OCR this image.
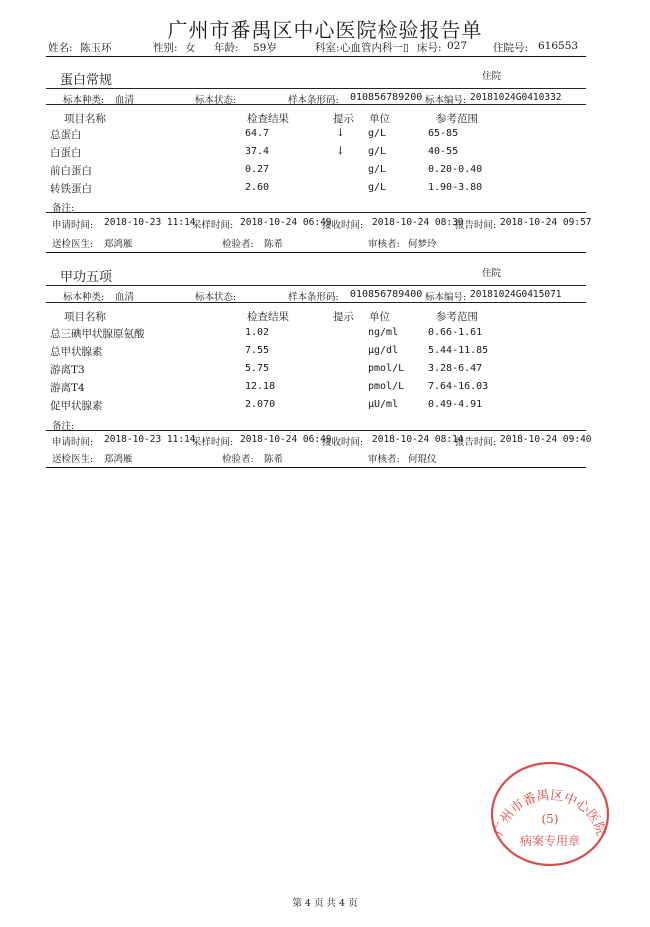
广州市番禺区中心医院检验报告单
姓名: 陈玉环	性别: 女 年龄: 59岁	科室: 心血管内科一▯ 床号: 027 住院号: 616553
蛋白常规	住院
标本种类: 血清	标本状态:	样本条形码: 010856789200 标本编号: 20181024G0410332
项目名称	检查结果	提示 单位	参考范围
总蛋白	64.7	↓ g/L	65-85
白蛋白	37.4	↓ g/L	40-55
前白蛋白	0.27	g/L	0.20-0.40
转铁蛋白	2.60	g/L	1.90-3.80
备注:
申请时间: 2018-10-23 11:14
采样时间: 2018-10-24 06:49
接收时间: 2018-10-24 08:39
报告时间: 2018-10-24 09:57
送检医生: 郑鸿雁	检验者: 陈希	审核者: 何梦玲
甲功五项	住院
标本种类: 血清	标本状态:	样本条形码: 010856789400 标本编号: 20181024G0415071
项目名称	检查结果	提示 单位	参考范围
总三碘甲状腺原氨酸	1.02	ng/ml	0.66-1.61
总甲状腺素	7.55	μg/dl	5.44-11.85
游离T3	5.75	pmol/L 3.28-6.47
游离T4	12.18	pmol/L 7.64-16.03
促甲状腺素	2.070	μU/ml	0.49-4.91
备注:
申请时间: 2018-10-23 11:14
采样时间: 2018-10-24 06:49
接收时间: 2018-10-24 08:14
报告时间: 2018-10-24 09:40
送检医生: 郑鸿雁	检验者: 陈希	审核者: 何琨仪
广州市番禺区中心医院
(5)
病案专用章
第 4 页 共 4 页
